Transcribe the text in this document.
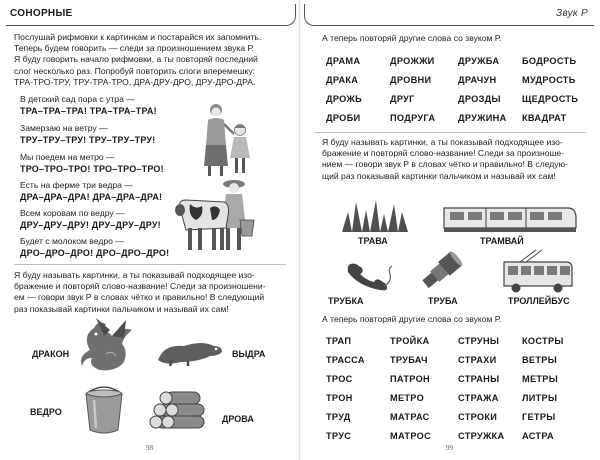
СОНОРНЫЕ
Послушай рифмовки к картинкам и постарайся их запомнить.
Теперь будем говорить — следи за произношением звука Р.
Я буду говорить начало рифмовки, а ты повторяй последний
слог несколько раз. Попробуй повторить слоги вперемешку:
ТРА-ТРО-ТРУ, ТРУ-ТРА-ТРО, ДРА-ДРУ-ДРО, ДРУ-ДРО-ДРА.
В детский сад пора с утра —
ТРА–ТРА–ТРА! ТРА–ТРА–ТРА!
Замерзаю на ветру —
ТРУ–ТРУ–ТРУ! ТРУ–ТРУ–ТРУ!
Мы поедем на метро —
ТРО–ТРО–ТРО! ТРО–ТРО–ТРО!
Есть на ферме три ведра —
ДРА–ДРА–ДРА! ДРА–ДРА–ДРА!
Всем коровам по ведру —
ДРУ–ДРУ–ДРУ! ДРУ–ДРУ–ДРУ!
Будет с молоком ведро —
ДРО–ДРО–ДРО! ДРО–ДРО–ДРО!
Я буду называть картинки, а ты показывай подходящее изо-
бражение и повторяй слово-название! Следи за произношени-
ем — говори звук Р в словах чётко и правильно! В следующий
раз показывай картинки пальчиком и называй их сам!
ДРАКОН	ВЫДРА
ВЕДРО
ДРОВА
98
Звук Р
А теперь повторяй другие слова со звуком Р.
ДРАМА	ДРОЖЖИ	ДРУЖБА БОДРОСТЬ
ДРАКА	ДРОВНИ	ДРАЧУН	МУДРОСТЬ
ДРОЖЬ	ДРУГ	ДРОЗДЫ ЩЕДРОСТЬ
ДРОБИ	ПОДРУГА ДРУЖИНА КВАДРАТ
Я буду называть картинки, а ты показывай подходящее изо-
бражение и повторяй слово-название! Следи за произноше-
нием — говори звук Р в словах чётко и правильно! В следую-
щий раз показывай картинки пальчиком и называй их сам!
ТРАВА	ТРАМВАЙ
ТРУБКА	ТРУБА	ТРОЛЛЕЙБУС
А теперь повторяй другие слова со звуком Р.
ТРАП	ТРОЙКА	СТРУНЫ КОСТРЫ
ТРАССА	ТРУБАЧ	СТРАХИ	ВЕТРЫ
ТРОС	ПАТРОН	СТРАНЫ МЕТРЫ
ТРОН	МЕТРО	СТРАЖА	ЛИТРЫ
ТРУД	МАТРАС	СТРОКИ	ГЕТРЫ
ТРУС	МАТРОС	СТРУЖКА АСТРА
99
